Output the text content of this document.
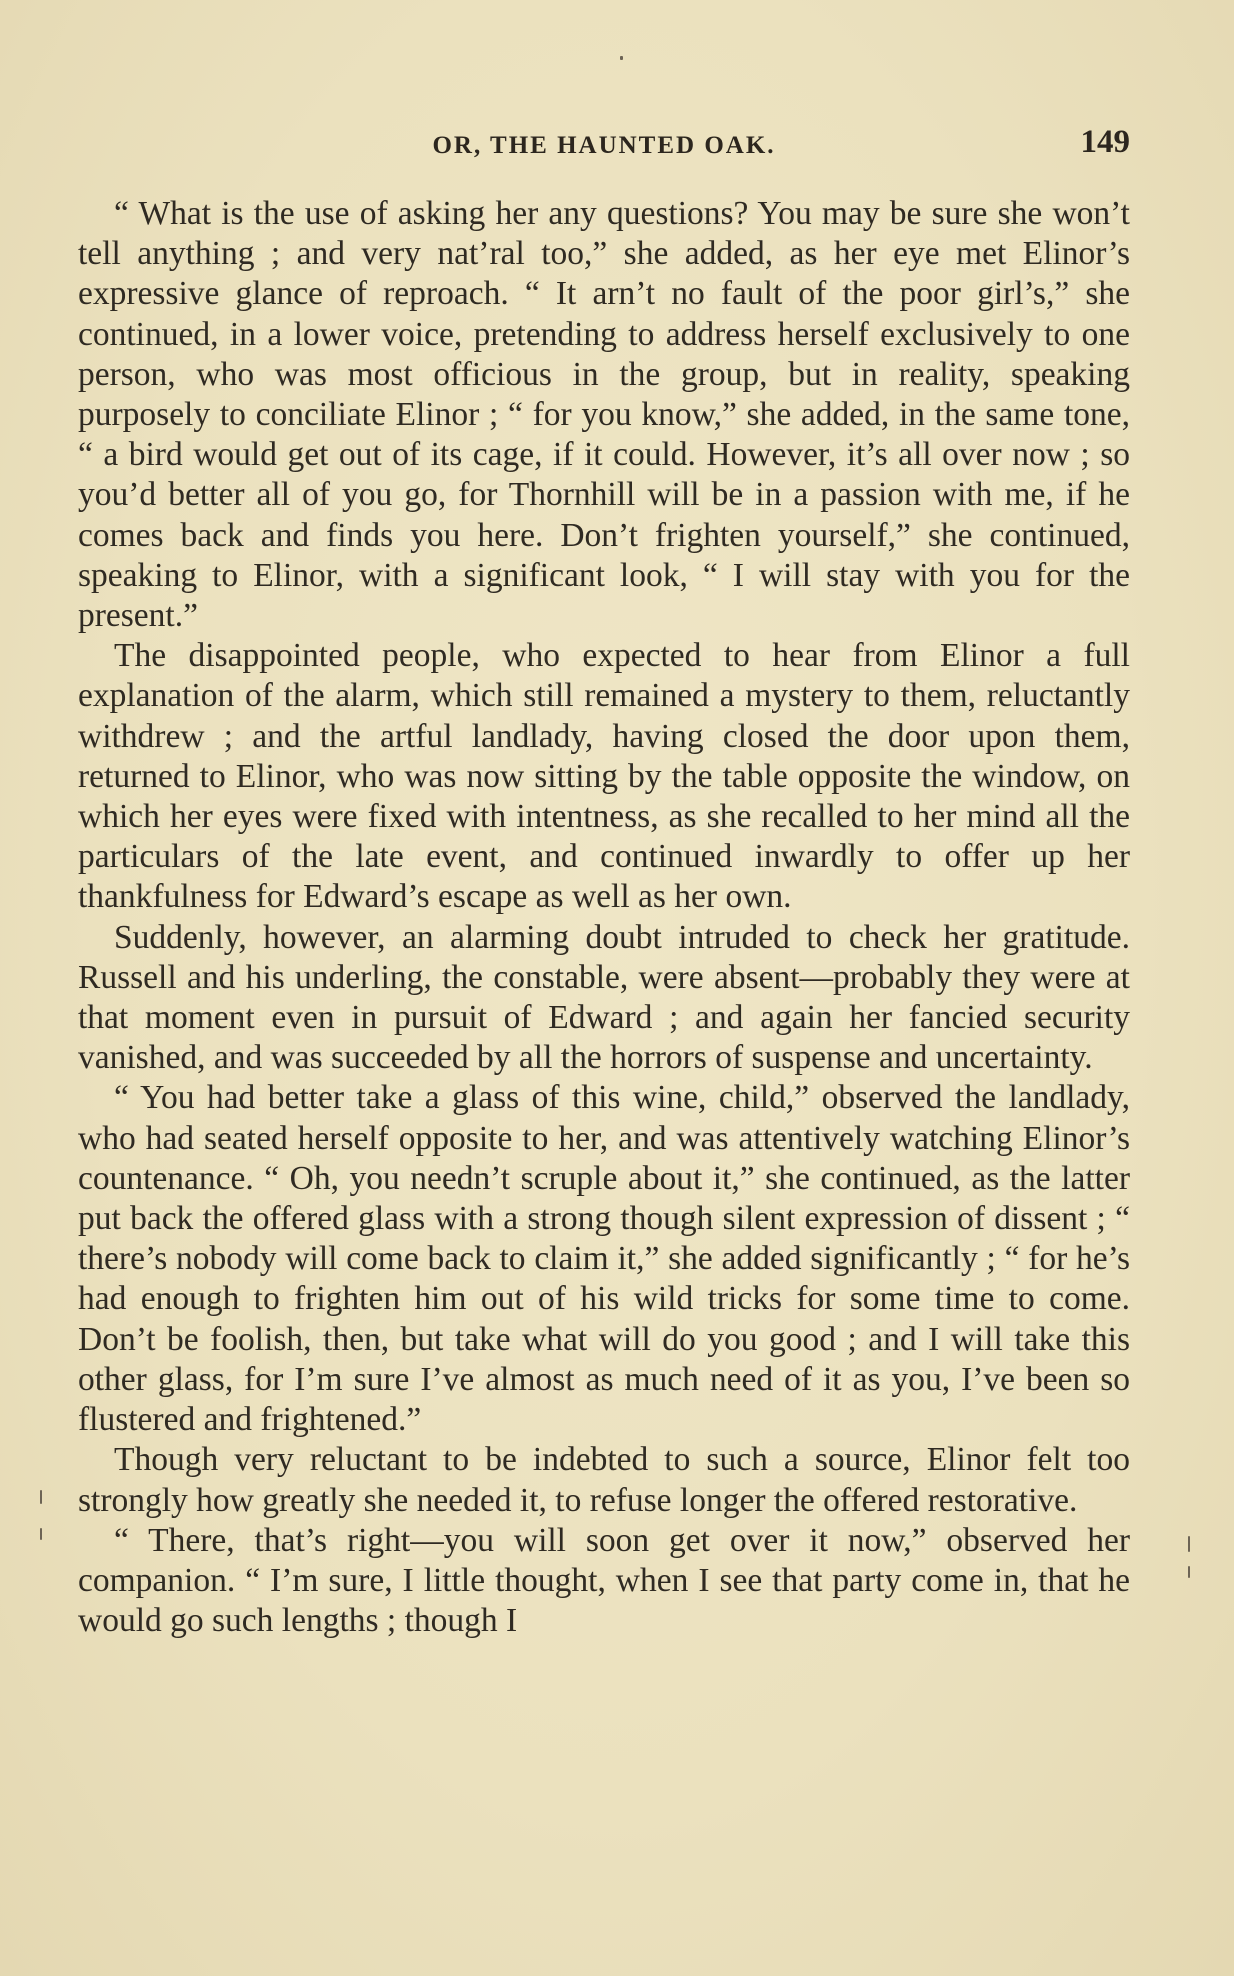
OR, THE HAUNTED OAK.	149

“ What is the use of asking her any questions? You may be sure she won’t tell anything ; and very nat’ral too,” she added, as her eye met Elinor’s expressive glance of reproach. “ It arn’t no fault of the poor girl’s,” she continued, in a lower voice, pretending to address herself exclusively to one person, who was most officious in the group, but in reality, speaking purposely to conciliate Elinor ; “ for you know,” she added, in the same tone, “ a bird would get out of its cage, if it could. However, it’s all over now ; so you’d better all of you go, for Thornhill will be in a passion with me, if he comes back and finds you here. Don’t frighten yourself,” she continued, speaking to Elinor, with a significant look, “ I will stay with you for the present.”

The disappointed people, who expected to hear from Elinor a full explanation of the alarm, which still remained a mystery to them, reluctantly withdrew ; and the artful landlady, having closed the door upon them, returned to Elinor, who was now sitting by the table opposite the window, on which her eyes were fixed with intentness, as she recalled to her mind all the particulars of the late event, and continued inwardly to offer up her thankfulness for Edward’s escape as well as her own.

Suddenly, however, an alarming doubt intruded to check her gratitude. Russell and his underling, the constable, were absent—probably they were at that moment even in pursuit of Edward ; and again her fancied security vanished, and was succeeded by all the horrors of suspense and uncertainty.

“ You had better take a glass of this wine, child,” observed the landlady, who had seated herself opposite to her, and was attentively watching Elinor’s countenance. “ Oh, you needn’t scruple about it,” she continued, as the latter put back the offered glass with a strong though silent expression of dissent ; “ there’s nobody will come back to claim it,” she added significantly ; “ for he’s had enough to frighten him out of his wild tricks for some time to come. Don’t be foolish, then, but take what will do you good ; and I will take this other glass, for I’m sure I’ve almost as much need of it as you, I’ve been so flustered and frightened.”

Though very reluctant to be indebted to such a source, Elinor felt too strongly how greatly she needed it, to refuse longer the offered restorative.

“ There, that’s right—you will soon get over it now,” observed her companion. “ I’m sure, I little thought, when I see that party come in, that he would go such lengths ; though I
